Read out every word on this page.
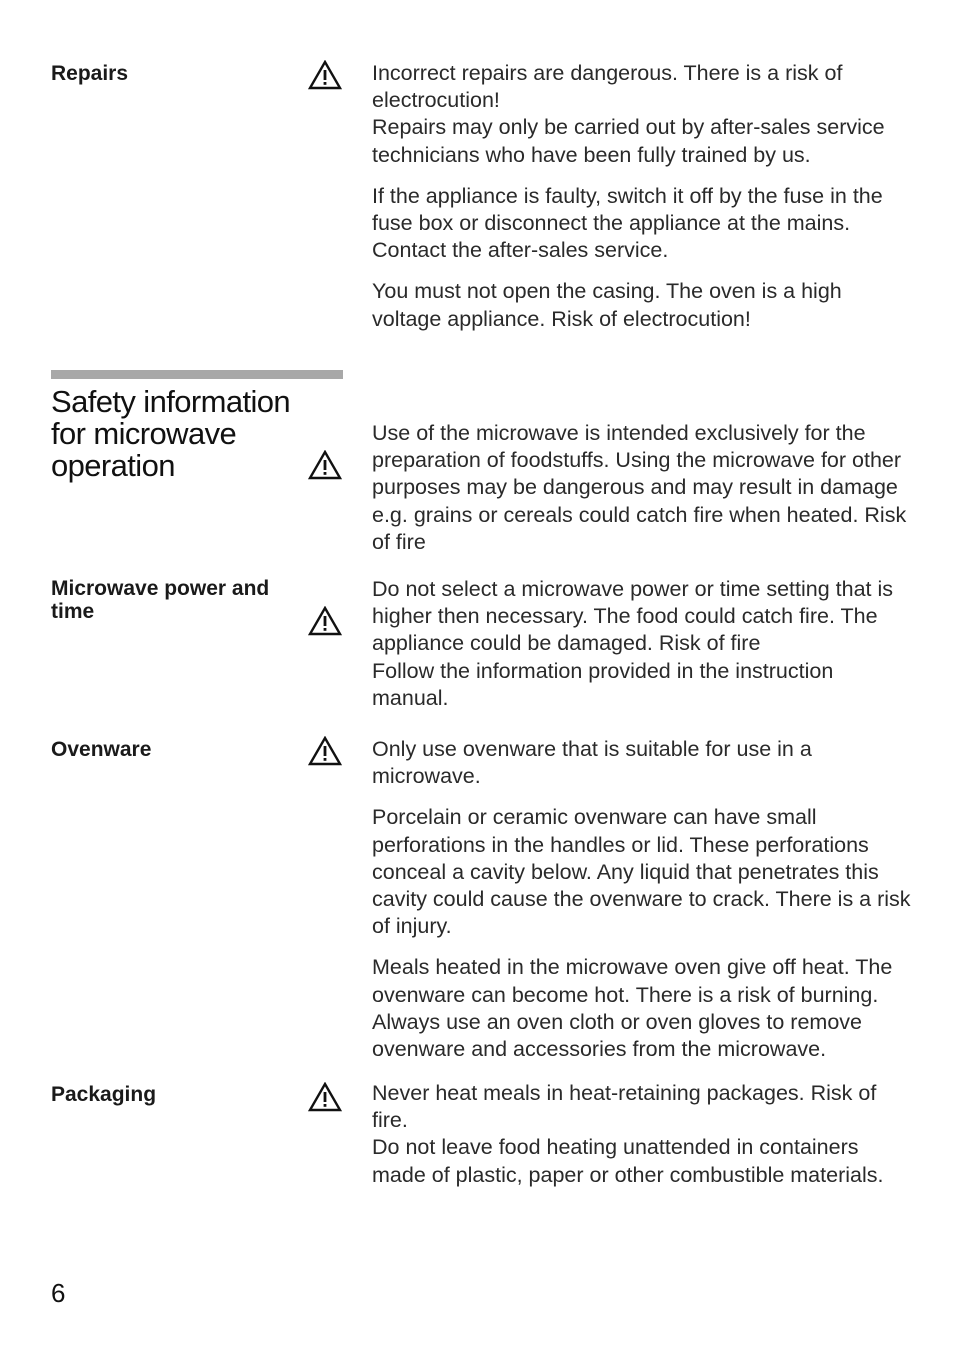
Repairs	Incorrect repairs are dangerous. There is a risk of electrocution!

Repairs may only be carried out by after-sales service technicians who have been fully trained by us.

If the appliance is faulty, switch it off by the fuse in the fuse box or disconnect the appliance at the mains. Contact the after-sales service.

You must not open the casing. The oven is a high voltage appliance. Risk of electrocution!

Safety information
for microwave
operation

Use of the microwave is intended exclusively for the preparation of foodstuffs. Using the microwave for other purposes may be dangerous and may result in damage e.g. grains or cereals could catch fire when heated. Risk of fire

Microwave power and time

Do not select a microwave power or time setting that is higher then necessary. The food could catch fire. The appliance could be damaged. Risk of fire

Follow the information provided in the instruction manual.

Ovenware	Only use ovenware that is suitable for use in a microwave.

Porcelain or ceramic ovenware can have small perforations in the handles or lid. These perforations conceal a cavity below. Any liquid that penetrates this cavity could cause the ovenware to crack. There is a risk of injury.

Meals heated in the microwave oven give off heat. The ovenware can become hot. There is a risk of burning. Always use an oven cloth or oven gloves to remove ovenware and accessories from the microwave.

Packaging	Never heat meals in heat-retaining packages. Risk of fire.

Do not leave food heating unattended in containers made of plastic, paper or other combustible materials.

6
